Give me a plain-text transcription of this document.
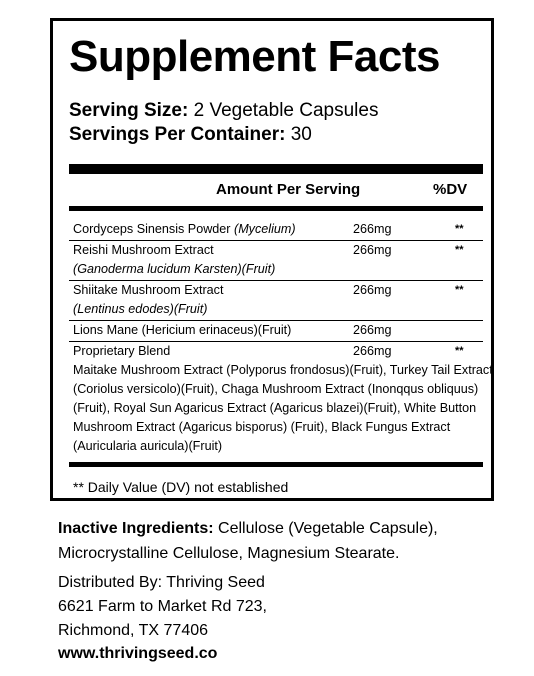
Supplement Facts
Serving Size: 2 Vegetable Capsules
Servings Per Container: 30
Amount Per Serving	%DV
Cordyceps Sinensis Powder (Mycelium)	266mg	**
Reishi Mushroom Extract	266mg	**
(Ganoderma lucidum Karsten)(Fruit)
Shiitake Mushroom Extract	266mg	**
(Lentinus edodes)(Fruit)
Lions Mane (Hericium erinaceus)(Fruit)	266mg
Proprietary Blend	266mg	**

Maitake Mushroom Extract (Polyporus frondosus)(Fruit), Turkey Tail Extract (Coriolus versicolo)(Fruit), Chaga Mushroom Extract (Inonqqus obliquus)(Fruit), Royal Sun Agaricus Extract (Agaricus blazei)(Fruit), White Button Mushroom Extract (Agaricus bisporus) (Fruit), Black Fungus Extract (Auricularia auricula)(Fruit)

** Daily Value (DV) not established
Inactive Ingredients: Cellulose (Vegetable Capsule),
Microcrystalline Cellulose, Magnesium Stearate.
Distributed By: Thriving Seed
6621 Farm to Market Rd 723,
Richmond, TX 77406
www.thrivingseed.co
